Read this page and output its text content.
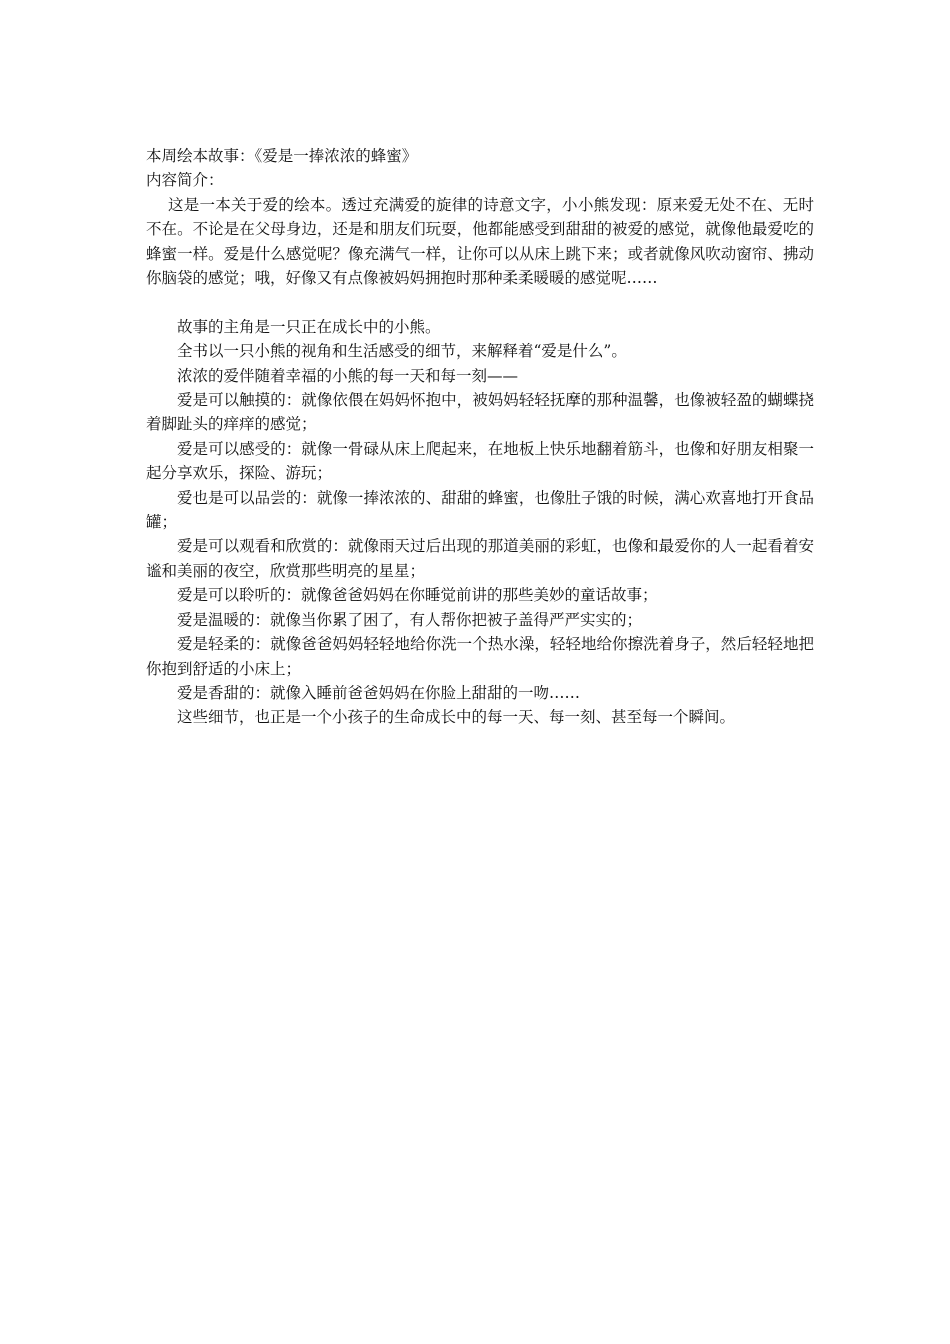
本周绘本故事：《爱是一捧浓浓的蜂蜜》

内容简介：

这是一本关于爱的绘本。透过充满爱的旋律的诗意文字，小小熊发现：原来爱无处不在、无时不在。不论是在父母身边，还是和朋友们玩耍，他都能感受到甜甜的被爱的感觉，就像他最爱吃的蜂蜜一样。爱是什么感觉呢？像充满气一样，让你可以从床上跳下来；或者就像风吹动窗帘、拂动你脑袋的感觉；哦，好像又有点像被妈妈拥抱时那种柔柔暖暖的感觉呢……

故事的主角是一只正在成长中的小熊。

全书以一只小熊的视角和生活感受的细节，来解释着“爱是什么”。

浓浓的爱伴随着幸福的小熊的每一天和每一刻——

爱是可以触摸的：就像依偎在妈妈怀抱中，被妈妈轻轻抚摩的那种温馨，也像被轻盈的蝴蝶挠着脚趾头的痒痒的感觉；

爱是可以感受的：就像一骨碌从床上爬起来，在地板上快乐地翻着筋斗，也像和好朋友相聚一起分享欢乐，探险、游玩；

爱也是可以品尝的：就像一捧浓浓的、甜甜的蜂蜜，也像肚子饿的时候，满心欢喜地打开食品罐；

爱是可以观看和欣赏的：就像雨天过后出现的那道美丽的彩虹，也像和最爱你的人一起看着安谧和美丽的夜空，欣赏那些明亮的星星；

爱是可以聆听的：就像爸爸妈妈在你睡觉前讲的那些美妙的童话故事；

爱是温暖的：就像当你累了困了，有人帮你把被子盖得严严实实的；

爱是轻柔的：就像爸爸妈妈轻轻地给你洗一个热水澡，轻轻地给你擦洗着身子，然后轻轻地把你抱到舒适的小床上；

爱是香甜的：就像入睡前爸爸妈妈在你脸上甜甜的一吻……

这些细节，也正是一个小孩子的生命成长中的每一天、每一刻、甚至每一个瞬间。
